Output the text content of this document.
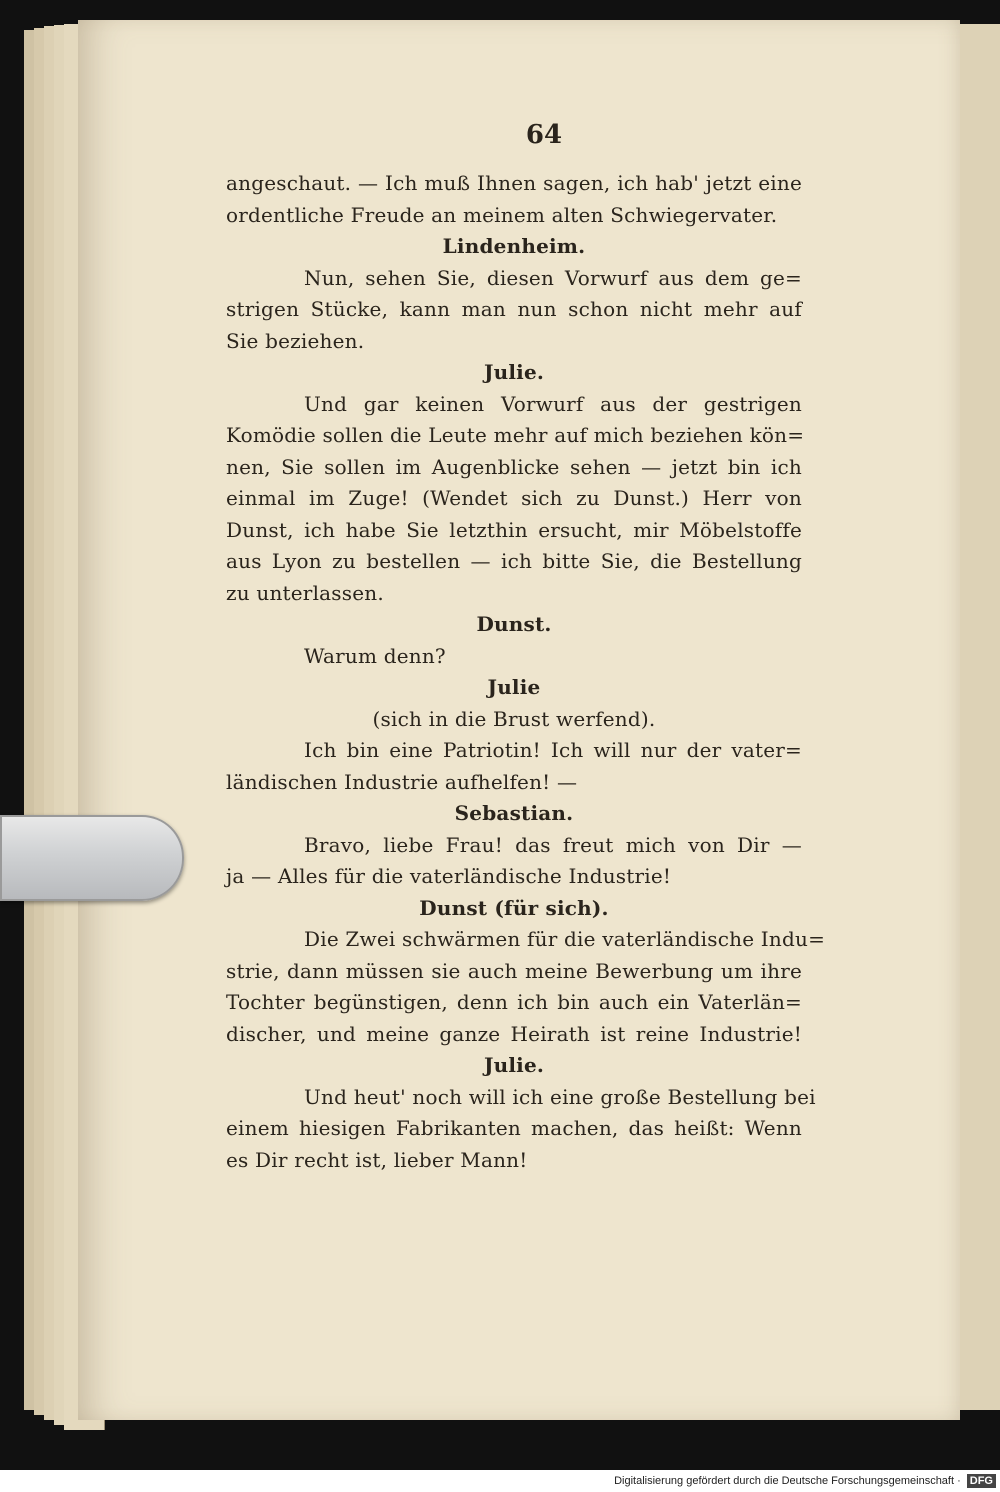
64
angeschaut. — Ich muß Ihnen sagen, ich hab' jetzt eine
ordentliche Freude an meinem alten Schwiegervater.
Lindenheim.
Nun, sehen Sie, diesen Vorwurf aus dem ge=
strigen Stücke, kann man nun schon nicht mehr auf
Sie beziehen.
Julie.
Und gar keinen Vorwurf aus der gestrigen
Komödie sollen die Leute mehr auf mich beziehen kön=
nen, Sie sollen im Augenblicke sehen — jetzt bin ich
einmal im Zuge! (Wendet sich zu Dunst.) Herr von
Dunst, ich habe Sie letzthin ersucht, mir Möbelstoffe
aus Lyon zu bestellen — ich bitte Sie, die Bestellung
zu unterlassen.
Dunst.
Warum denn?
Julie
(sich in die Brust werfend).
Ich bin eine Patriotin! Ich will nur der vater=
ländischen Industrie aufhelfen! —
Sebastian.
Bravo, liebe Frau! das freut mich von Dir —
ja — Alles für die vaterländische Industrie!
Dunst (für sich).
Die Zwei schwärmen für die vaterländische Indu=
strie, dann müssen sie auch meine Bewerbung um ihre
Tochter begünstigen, denn ich bin auch ein Vaterlän=
discher, und meine ganze Heirath ist reine Industrie!
Julie.
Und heut' noch will ich eine große Bestellung bei
einem hiesigen Fabrikanten machen, das heißt: Wenn
es Dir recht ist, lieber Mann!
Digitalisierung gefördert durch die Deutsche Forschungsgemeinschaft · DFG
